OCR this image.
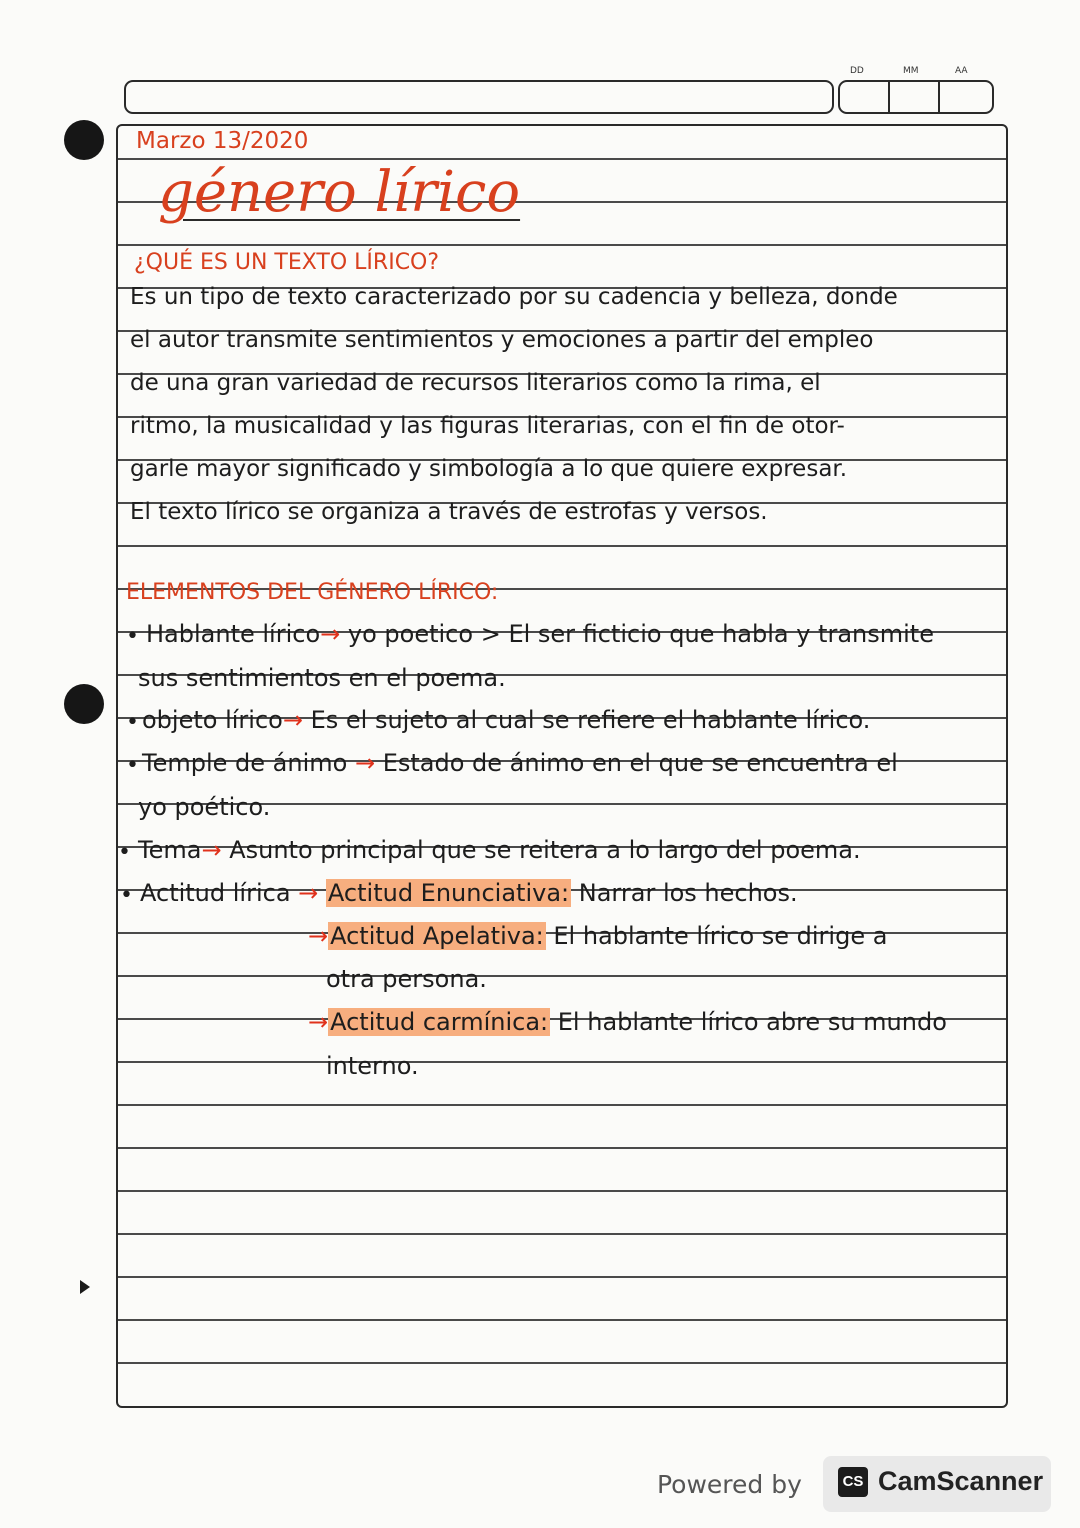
DD	MM	AA
Marzo 13/2020
género lírico
¿QUÉ ES UN TEXTO LÍRICO?
Es un tipo de texto caracterizado por su cadencia y belleza, donde
el autor transmite sentimientos y emociones a partir del empleo
de una gran variedad de recursos literarios como la rima, el
ritmo, la musicalidad y las figuras literarias, con el fin de otor-
garle mayor significado y simbología a lo que quiere expresar.
El texto lírico se organiza a través de estrofas y versos.
ELEMENTOS DEL GÉNERO LÍRICO:
• Hablante lírico→ yo poetico > El ser ficticio que habla y transmite
sus sentimientos en el poema.
• objeto lírico→ Es el sujeto al cual se refiere el hablante lírico.
• Temple de ánimo → Estado de ánimo en el que se encuentra el
yo poético.
• Tema→ Asunto principal que se reitera a lo largo del poema.
• Actitud lírica → Actitud Enunciativa: Narrar los hechos.
→Actitud Apelativa: El hablante lírico se dirige a
otra persona.
→Actitud carmínica: El hablante lírico abre su mundo
interno.
Powered by	CS CamScanner
